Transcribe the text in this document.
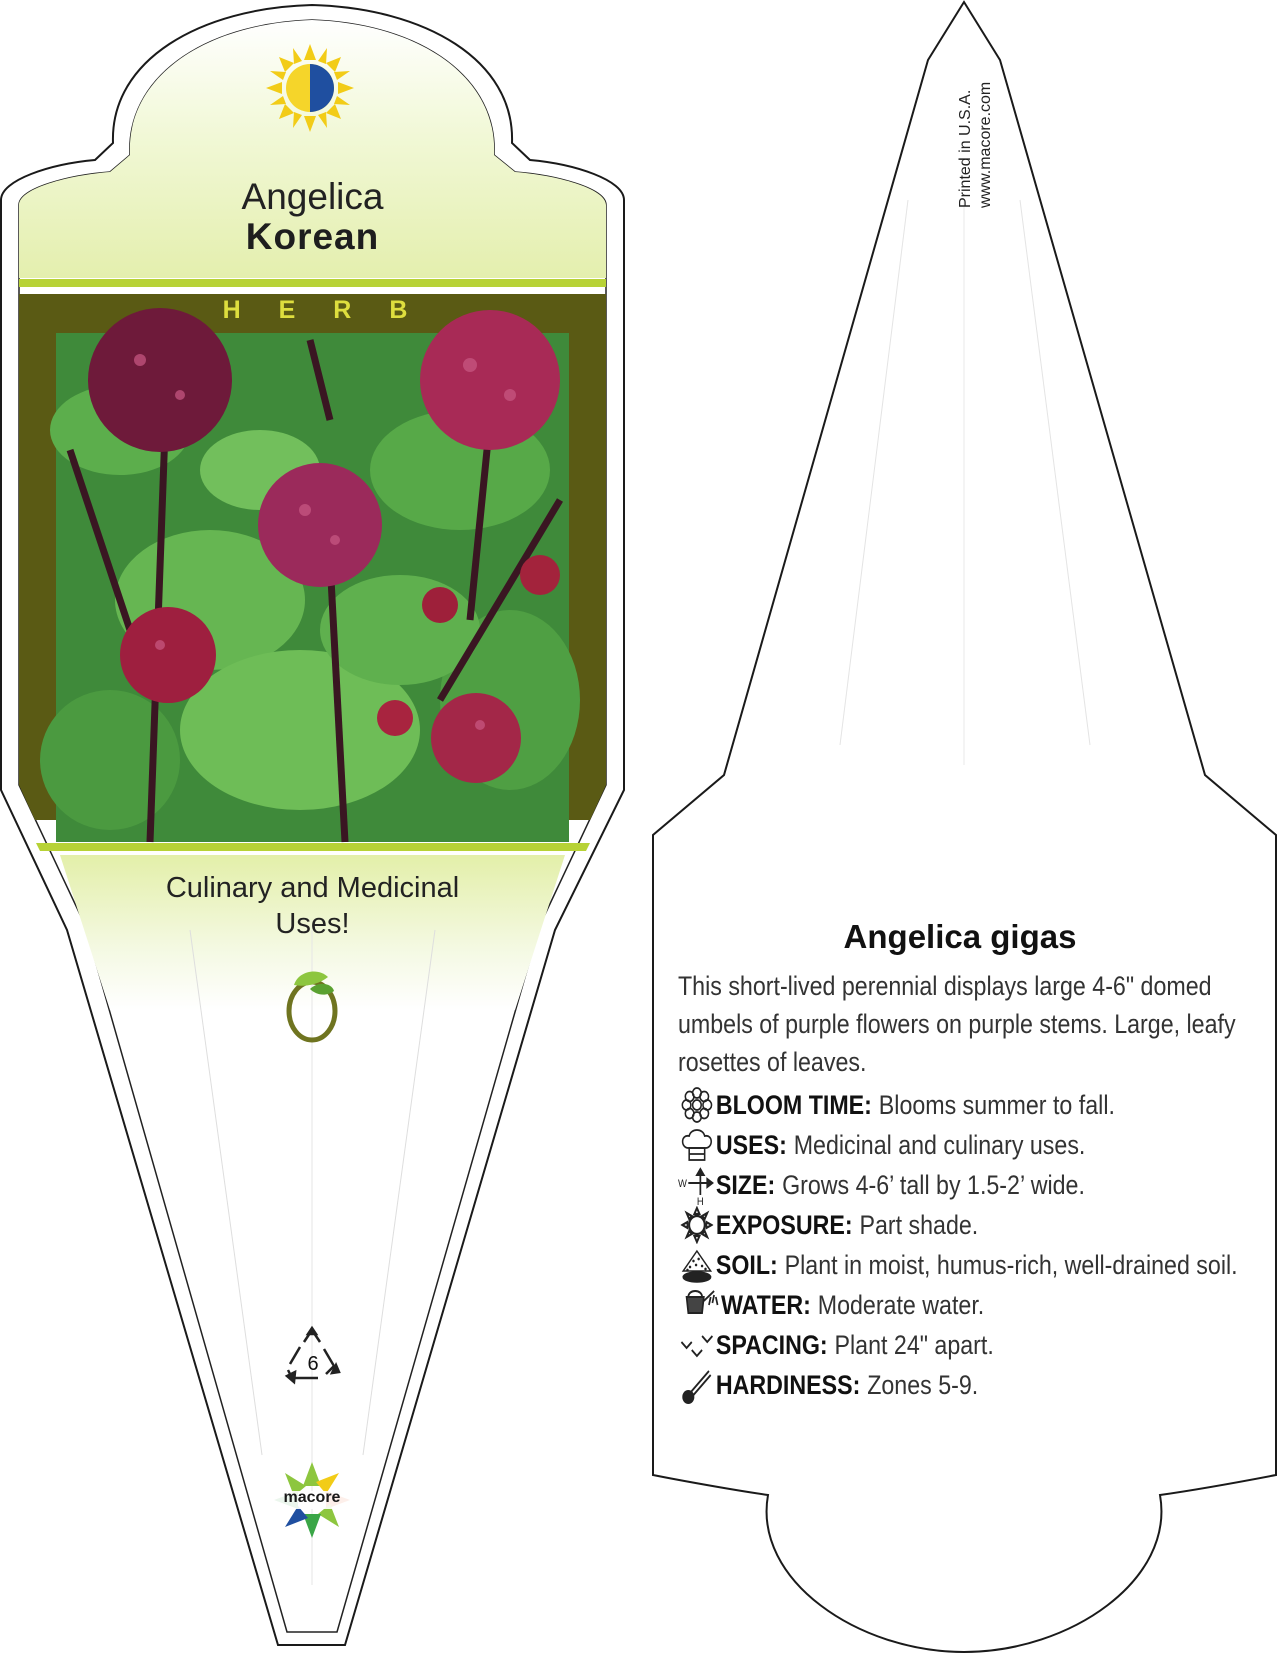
Angelica
Korean
HERB
Culinary and Medicinal Uses!
6
macore
Printed in U.S.A. www.macore.com
Angelica gigas
This short-lived perennial displays large 4-6" domed umbels of purple flowers on purple stems. Large, leafy rosettes of leaves.
BLOOM TIME: Blooms summer to fall.
USES: Medicinal and culinary uses.
W
H
SIZE: Grows 4-6’ tall by 1.5-2’ wide.
EXPOSURE: Part shade.
SOIL: Plant in moist, humus-rich, well-drained soil.
WATER: Moderate water.
SPACING: Plant 24" apart.
HARDINESS: Zones 5-9.
